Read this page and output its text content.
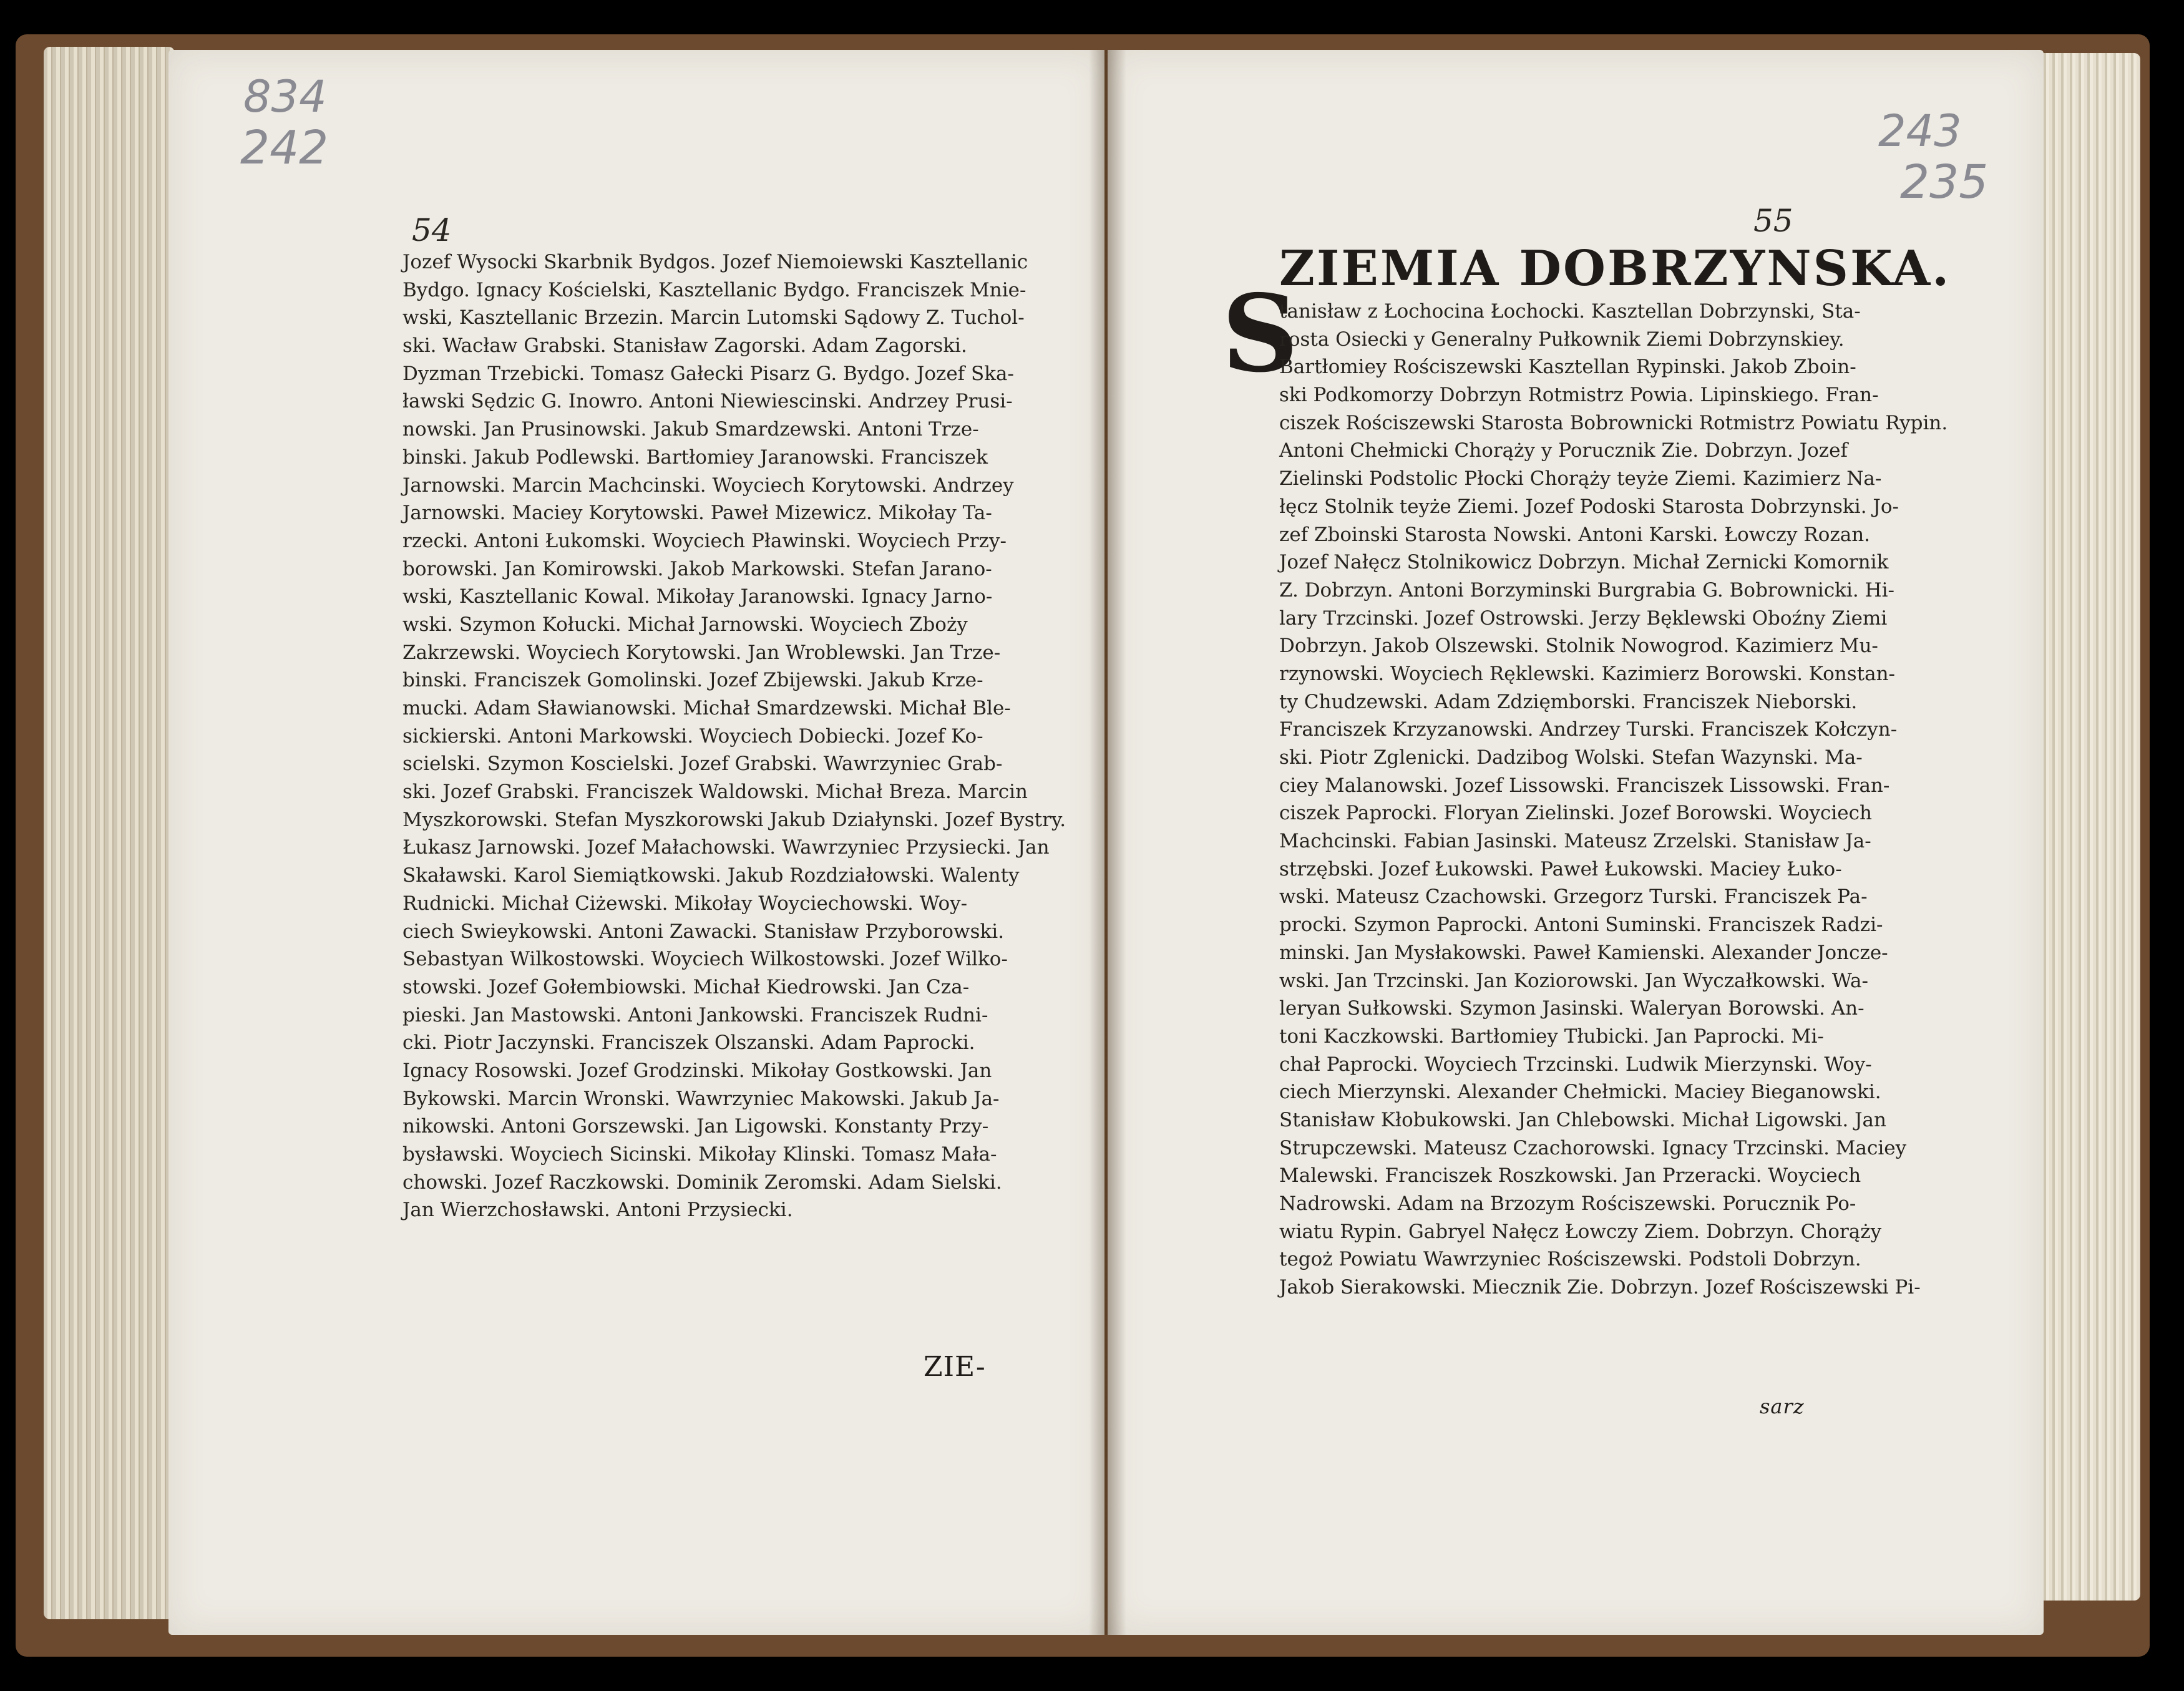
834
242	243
235
54
Jozef Wysocki Skarbnik Bydgos. Jozef Niemoiewski Kasztellanic
Bydgo. Ignacy Kościelski, Kasztellanic Bydgo. Franciszek Mnie-
wski, Kasztellanic Brzezin. Marcin Lutomski Sądowy Z. Tuchol-
ski. Wacław Grabski. Stanisław Zagorski. Adam Zagorski.
Dyzman Trzebicki. Tomasz Gałecki Pisarz G. Bydgo. Jozef Ska-
ławski Sędzic G. Inowro. Antoni Niewiescinski. Andrzey Prusi-
nowski. Jan Prusinowski. Jakub Smardzewski. Antoni Trze-
binski. Jakub Podlewski. Bartłomiey Jaranowski. Franciszek
Jarnowski. Marcin Machcinski. Woyciech Korytowski. Andrzey
Jarnowski. Maciey Korytowski. Paweł Mizewicz. Mikołay Ta-
rzecki. Antoni Łukomski. Woyciech Pławinski. Woyciech Przy-
borowski. Jan Komirowski. Jakob Markowski. Stefan Jarano-
wski, Kasztellanic Kowal. Mikołay Jaranowski. Ignacy Jarno-
wski. Szymon Kołucki. Michał Jarnowski. Woyciech Zboży
Zakrzewski. Woyciech Korytowski. Jan Wroblewski. Jan Trze-
binski. Franciszek Gomolinski. Jozef Zbijewski. Jakub Krze-
mucki. Adam Sławianowski. Michał Smardzewski. Michał Ble-
sickierski. Antoni Markowski. Woyciech Dobiecki. Jozef Ko-
scielski. Szymon Koscielski. Jozef Grabski. Wawrzyniec Grab-
ski. Jozef Grabski. Franciszek Waldowski. Michał Breza. Marcin
Myszkorowski. Stefan Myszkorowski Jakub Działynski. Jozef Bystry.
Łukasz Jarnowski. Jozef Małachowski. Wawrzyniec Przysiecki. Jan
Skaławski. Karol Siemiątkowski. Jakub Rozdziałowski. Walenty
Rudnicki. Michał Ciżewski. Mikołay Woyciechowski. Woy-
ciech Swieykowski. Antoni Zawacki. Stanisław Przyborowski.
Sebastyan Wilkostowski. Woyciech Wilkostowski. Jozef Wilko-
stowski. Jozef Gołembiowski. Michał Kiedrowski. Jan Cza-
pieski. Jan Mastowski. Antoni Jankowski. Franciszek Rudni-
cki. Piotr Jaczynski. Franciszek Olszanski. Adam Paprocki.
Ignacy Rosowski. Jozef Grodzinski. Mikołay Gostkowski. Jan
Bykowski. Marcin Wronski. Wawrzyniec Makowski. Jakub Ja-
nikowski. Antoni Gorszewski. Jan Ligowski. Konstanty Przy-
bysławski. Woyciech Sicinski. Mikołay Klinski. Tomasz Mała-
chowski. Jozef Raczkowski. Dominik Zeromski. Adam Sielski.
Jan Wierzchosławski. Antoni Przysiecki.
ZIE-
55
ZIEMIA DOBRZYNSKA.
S
tanisław z Łochocina Łochocki. Kasztellan Dobrzynski, Sta-
rosta Osiecki y Generalny Pułkownik Ziemi Dobrzynskiey.
Bartłomiey Rościszewski Kasztellan Rypinski. Jakob Zboin-
ski Podkomorzy Dobrzyn Rotmistrz Powia. Lipinskiego. Fran-
ciszek Rościszewski Starosta Bobrownicki Rotmistrz Powiatu Rypin.
Antoni Chełmicki Chorąży y Porucznik Zie. Dobrzyn. Jozef
Zielinski Podstolic Płocki Chorąży teyże Ziemi. Kazimierz Na-
łęcz Stolnik teyże Ziemi. Jozef Podoski Starosta Dobrzynski. Jo-
zef Zboinski Starosta Nowski. Antoni Karski. Łowczy Rozan.
Jozef Nałęcz Stolnikowicz Dobrzyn. Michał Zernicki Komornik
Z. Dobrzyn. Antoni Borzyminski Burgrabia G. Bobrownicki. Hi-
lary Trzcinski. Jozef Ostrowski. Jerzy Bęklewski Oboźny Ziemi
Dobrzyn. Jakob Olszewski. Stolnik Nowogrod. Kazimierz Mu-
rzynowski. Woyciech Ręklewski. Kazimierz Borowski. Konstan-
ty Chudzewski. Adam Zdzięmborski. Franciszek Nieborski.
Franciszek Krzyzanowski. Andrzey Turski. Franciszek Kołczyn-
ski. Piotr Zglenicki. Dadzibog Wolski. Stefan Wazynski. Ma-
ciey Malanowski. Jozef Lissowski. Franciszek Lissowski. Fran-
ciszek Paprocki. Floryan Zielinski. Jozef Borowski. Woyciech
Machcinski. Fabian Jasinski. Mateusz Zrzelski. Stanisław Ja-
strzębski. Jozef Łukowski. Paweł Łukowski. Maciey Łuko-
wski. Mateusz Czachowski. Grzegorz Turski. Franciszek Pa-
procki. Szymon Paprocki. Antoni Suminski. Franciszek Radzi-
minski. Jan Mysłakowski. Paweł Kamienski. Alexander Joncze-
wski. Jan Trzcinski. Jan Koziorowski. Jan Wyczałkowski. Wa-
leryan Sułkowski. Szymon Jasinski. Waleryan Borowski. An-
toni Kaczkowski. Bartłomiey Tłubicki. Jan Paprocki. Mi-
chał Paprocki. Woyciech Trzcinski. Ludwik Mierzynski. Woy-
ciech Mierzynski. Alexander Chełmicki. Maciey Bieganowski.
Stanisław Kłobukowski. Jan Chlebowski. Michał Ligowski. Jan
Strupczewski. Mateusz Czachorowski. Ignacy Trzcinski. Maciey
Malewski. Franciszek Roszkowski. Jan Przeracki. Woyciech
Nadrowski. Adam na Brzozym Rościszewski. Porucznik Po-
wiatu Rypin. Gabryel Nałęcz Łowczy Ziem. Dobrzyn. Chorąży
tegoż Powiatu Wawrzyniec Rościszewski. Podstoli Dobrzyn.
Jakob Sierakowski. Miecznik Zie. Dobrzyn. Jozef Rościszewski Pi-
sarz
